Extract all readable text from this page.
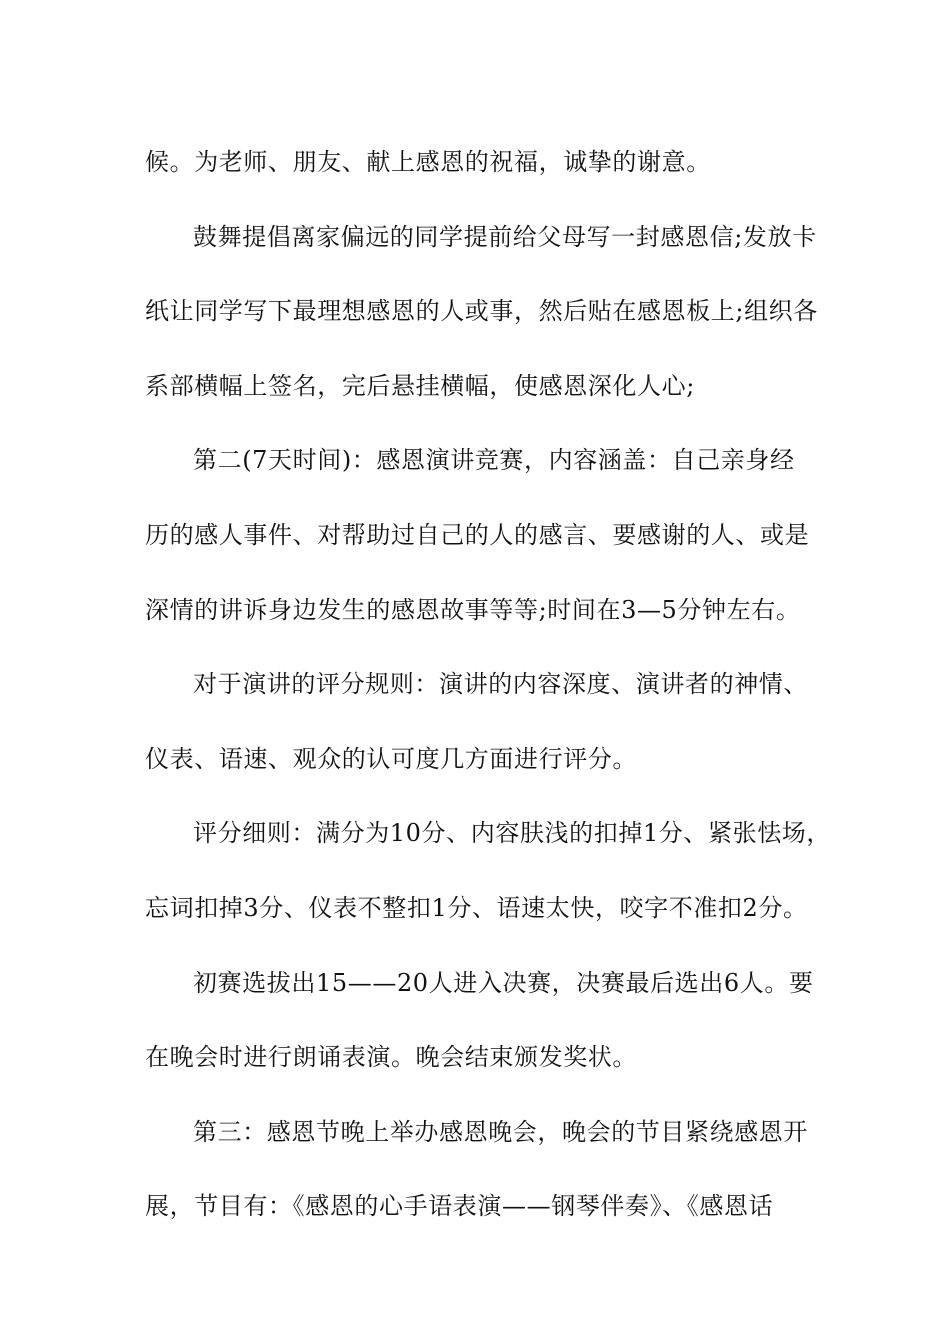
候。为老师、朋友、献上感恩的祝福，诚挚的谢意。
鼓舞提倡离家偏远的同学提前给父母写一封感恩信;发放卡
纸让同学写下最理想感恩的人或事，然后贴在感恩板上;组织各
系部横幅上签名，完后悬挂横幅，使感恩深化人心;
第二(7天时间)：感恩演讲竞赛，内容涵盖：自己亲身经
历的感人事件、对帮助过自己的人的感言、要感谢的人、或是
深情的讲诉身边发生的感恩故事等等;时间在3—5分钟左右。
对于演讲的评分规则：演讲的内容深度、演讲者的神情、
仪表、语速、观众的认可度几方面进行评分。
评分细则：满分为10分、内容肤浅的扣掉1分、紧张怯场，
忘词扣掉3分、仪表不整扣1分、语速太快，咬字不准扣2分。
初赛选拔出15——20人进入决赛，决赛最后选出6人。要
在晚会时进行朗诵表演。晚会结束颁发奖状。
第三：感恩节晚上举办感恩晚会，晚会的节目紧绕感恩开
展，节目有：《感恩的心手语表演——钢琴伴奏》、《感恩话
